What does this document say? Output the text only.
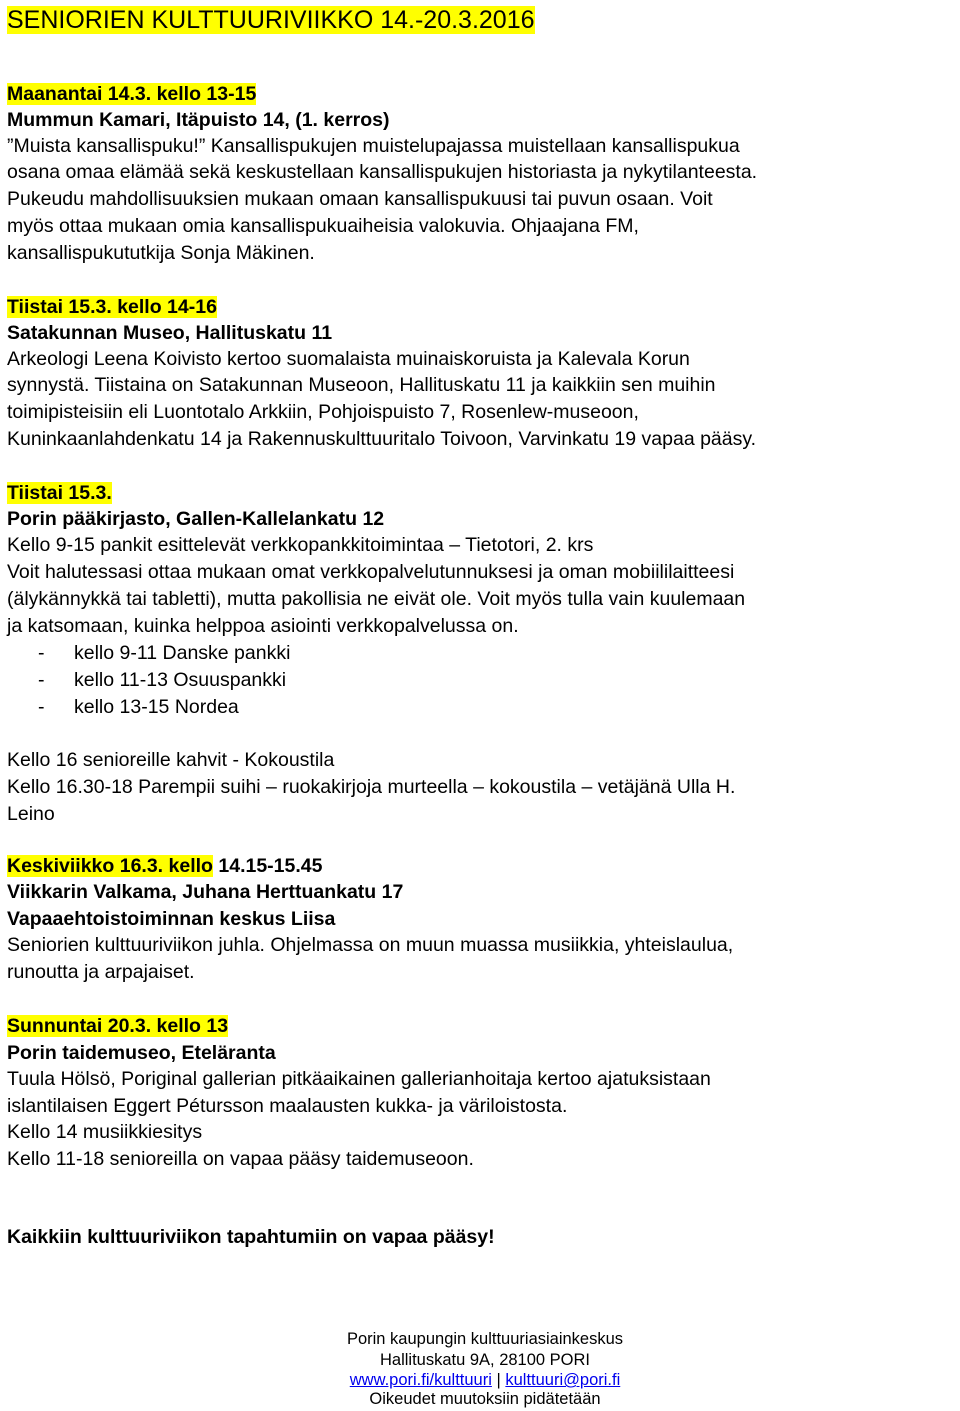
SENIORIEN KULTTUURIVIIKKO 14.-20.3.2016
Maanantai 14.3. kello 13-15
Mummun Kamari, Itäpuisto 14, (1. kerros)
”Muista kansallispuku!” Kansallispukujen muistelupajassa muistellaan kansallispukua
osana omaa elämää sekä keskustellaan kansallispukujen historiasta ja nykytilanteesta.
Pukeudu mahdollisuuksien mukaan omaan kansallispukuusi tai puvun osaan. Voit
myös ottaa mukaan omia kansallispukuaiheisia valokuvia. Ohjaajana FM,
kansallispukututkija Sonja Mäkinen.
Tiistai 15.3. kello 14-16
Satakunnan Museo, Hallituskatu 11
Arkeologi Leena Koivisto kertoo suomalaista muinaiskoruista ja Kalevala Korun
synnystä. Tiistaina on Satakunnan Museoon, Hallituskatu 11 ja kaikkiin sen muihin
toimipisteisiin eli Luontotalo Arkkiin, Pohjoispuisto 7, Rosenlew-museoon,
Kuninkaanlahdenkatu 14 ja Rakennuskulttuuritalo Toivoon, Varvinkatu 19 vapaa pääsy.
Tiistai 15.3.
Porin pääkirjasto, Gallen-Kallelankatu 12
Kello 9-15 pankit esittelevät verkkopankkitoimintaa – Tietotori, 2. krs
Voit halutessasi ottaa mukaan omat verkkopalvelutunnuksesi ja oman mobiililaitteesi
(älykännykkä tai tabletti), mutta pakollisia ne eivät ole. Voit myös tulla vain kuulemaan
ja katsomaan, kuinka helppoa asiointi verkkopalvelussa on.
- kello 9-11 Danske pankki
- kello 11-13 Osuuspankki
- kello 13-15 Nordea
Kello 16 senioreille kahvit - Kokoustila
Kello 16.30-18 Parempii suihi – ruokakirjoja murteella – kokoustila – vetäjänä Ulla H.
Leino
Keskiviikko 16.3. kello 14.15-15.45
Viikkarin Valkama, Juhana Herttuankatu 17
Vapaaehtoistoiminnan keskus Liisa
Seniorien kulttuuriviikon juhla. Ohjelmassa on muun muassa musiikkia, yhteislaulua,
runoutta ja arpajaiset.
Sunnuntai 20.3. kello 13
Porin taidemuseo, Eteläranta
Tuula Hölsö, Poriginal gallerian pitkäaikainen gallerianhoitaja kertoo ajatuksistaan
islantilaisen Eggert Pétursson maalausten kukka- ja väriloistosta.
Kello 14 musiikkiesitys
Kello 11-18 senioreilla on vapaa pääsy taidemuseoon.
Kaikkiin kulttuuriviikon tapahtumiin on vapaa pääsy!
Porin kaupungin kulttuuriasiainkeskus
Hallituskatu 9A, 28100 PORI
www.pori.fi/kulttuuri | kulttuuri@pori.fi
Oikeudet muutoksiin pidätetään
